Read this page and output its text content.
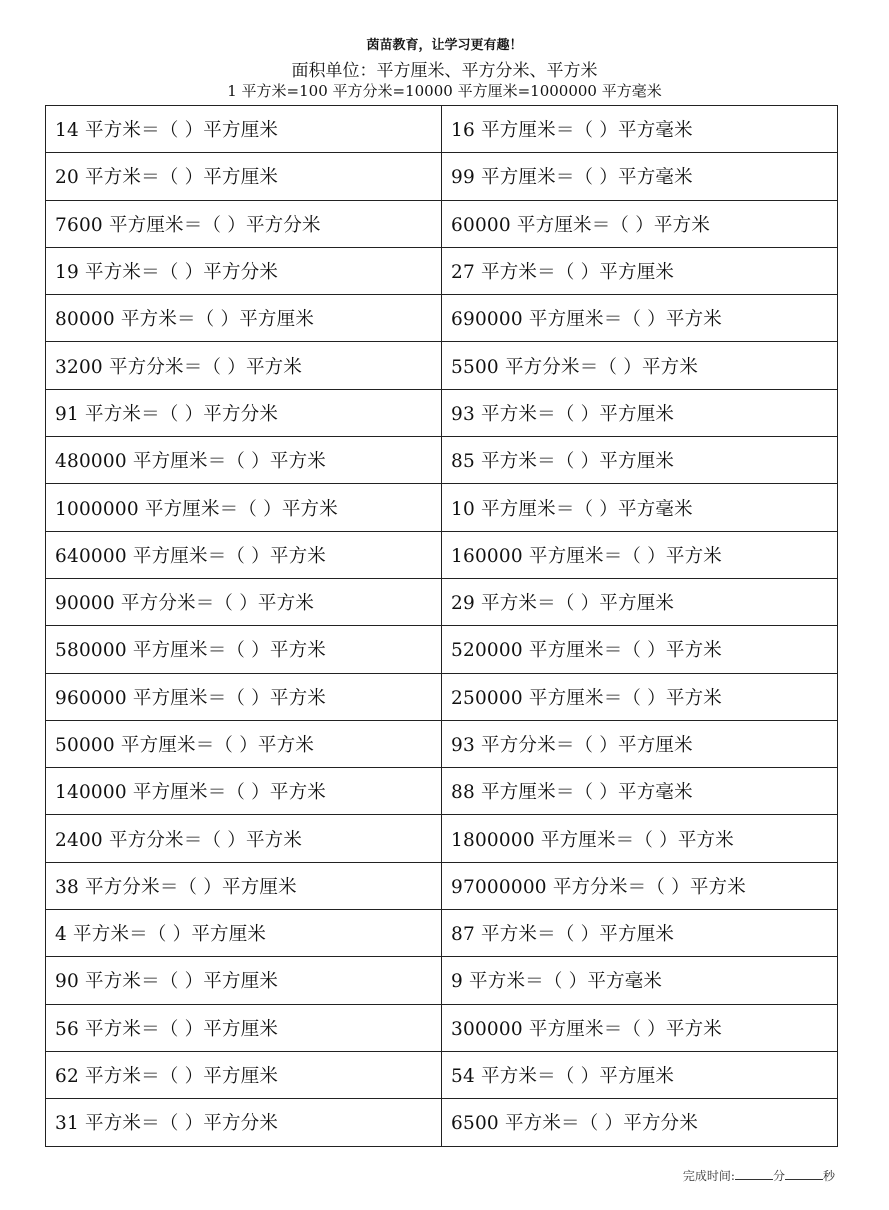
茵苗教育，让学习更有趣！
面积单位：平方厘米、平方分米、平方米
1 平方米=100 平方分米=10000 平方厘米=1000000 平方毫米
14 平方米＝（ ）平方厘米	16 平方厘米＝（ ）平方毫米
20 平方米＝（ ）平方厘米	99 平方厘米＝（ ）平方毫米
7600 平方厘米＝（ ）平方分米	60000 平方厘米＝（ ）平方米
19 平方米＝（ ）平方分米	27 平方米＝（ ）平方厘米
80000 平方米＝（ ）平方厘米	690000 平方厘米＝（ ）平方米
3200 平方分米＝（ ）平方米	5500 平方分米＝（ ）平方米
91 平方米＝（ ）平方分米	93 平方米＝（ ）平方厘米
480000 平方厘米＝（ ）平方米	85 平方米＝（ ）平方厘米
1000000 平方厘米＝（ ）平方米	10 平方厘米＝（ ）平方毫米
640000 平方厘米＝（ ）平方米	160000 平方厘米＝（ ）平方米
90000 平方分米＝（ ）平方米	29 平方米＝（ ）平方厘米
580000 平方厘米＝（ ）平方米	520000 平方厘米＝（ ）平方米
960000 平方厘米＝（ ）平方米	250000 平方厘米＝（ ）平方米
50000 平方厘米＝（ ）平方米	93 平方分米＝（ ）平方厘米
140000 平方厘米＝（ ）平方米	88 平方厘米＝（ ）平方毫米
2400 平方分米＝（ ）平方米	1800000 平方厘米＝（ ）平方米
38 平方分米＝（ ）平方厘米	97000000 平方分米＝（ ）平方米
4 平方米＝（ ）平方厘米	87 平方米＝（ ）平方厘米
90 平方米＝（ ）平方厘米	9 平方米＝（ ）平方毫米
56 平方米＝（ ）平方厘米	300000 平方厘米＝（ ）平方米
62 平方米＝（ ）平方厘米	54 平方米＝（ ）平方厘米
31 平方米＝（ ）平方分米	6500 平方米＝（ ）平方分米
完成时间:	分	秒
